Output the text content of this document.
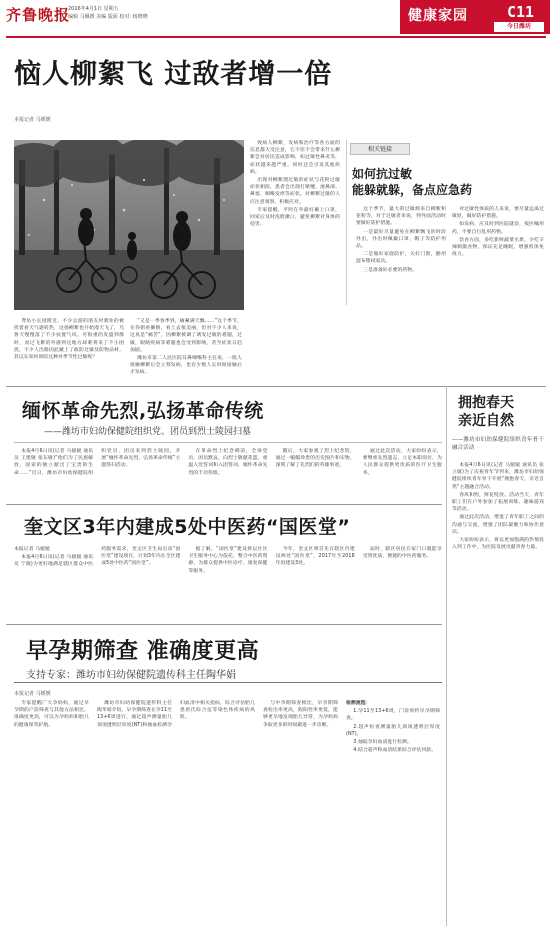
齐鲁晚报
2016年4月1日 星期五
编辑 马佩媛 美编 版面 校对: 杨晓晓	健康家园	C11
今日潍坊
恼人柳絮飞 过敌者增一倍
本报记者 马媛媛

鸢坊小长园附近，不少总游的朋友时骑免的被扰着看天气逐转热，这扬柳絮也开始漫天飞了，乌鲁天慢慢落了不少扶置气风。可很重的发盛到群时，而过飞絮的外感到这地方却难将来了不小困扰，不少人出路因此戴上了敢防过敏及防物品材。甚以东知何预防这种对季节性过敏呢？

“又是一季春季到，痛紧满天飘……”这个季节，在你街看搁嬉，看上去很美丽，但对不少人来说，这真是“痛苦”，因柳絮被调了诱发过敏的难题，过敏，眼睛疾病等难题也会受到影响，甚至症状日趋加剧。

潍坊市第二人民医院耳鼻咽喉科主任说，一般人接触柳絮后会立刻发病，也有少数人长时间接触后才发病。

致病人柳絮，发病和治疗等各方面的信息都大受注意，它不但不会带来什么柳絮会对居民造成影响，如过敏性鼻炎等，症状越来越严重，同时还会引发其他疾病。

出现对柳絮理过敏的症状与花粉过敏症状相似，患者会出现打喷嚏、流鼻涕、鼻塞、咽喉发痒等症状。对柳絮过敏的人应注意观察，积极应对。

专家提醒，平时在外最好戴上口罩，回家后及时洗脸漱口，避免柳絮对身体的侵害。

相关链接
如何抗过敏
能躲就躲，备点应急药

这个季节，最大的过敏源来自柳絮和花粉等，对于过敏者来说，到外面活动时要做好防护措施。

一是最好尽量避免在柳絮飘飞的时段外出，外出时佩戴口罩、帽子等防护用品。

二是做好家庭防护，关好门窗，勤用湿布擦拭家具。

三是准备好必要的药物。

对过敏性体质的人来说，要尽量远离过敏原，做好防护措施。

如发病，应及时到医院就诊，按医嘱用药，不要自行乱用药物。

饮食方面，多吃新鲜蔬菜水果，少吃辛辣刺激食物，保证充足睡眠，增强机体免疫力。

缅怀革命先烈,弘扬革命传统
——潍坊市妇幼保健院组织党、团员到烈士陵园扫墓

本报4月6日讯(记者 马媛媛 通讯员 王建敏 张东敏)“他们为了民族解放、国家的独立献出了宝贵的生命……”近日，潍坊市妇幼保健院组织党员、团员来到烈士陵园，开展“缅怀革命先烈，弘扬革命传统”主题祭扫活动。

在革命烈士纪念碑前，全体党员、团员默哀，向烈士敬献花篮，重温入党誓词和入团誓词，缅怀革命先烈的丰功伟绩。

随后，大家参观了烈士纪念馆，通过一幅幅珍贵的历史图片和实物，深刻了解了先烈们的英雄事迹。

通过此次活动，大家纷纷表示，要继承先烈遗志，立足本职岗位，为人民群众提供更优质的医疗卫生服务。

奎文区3年内建成5处中医药“国医堂”

本报记者 马媛媛

本报4月6日讯(记者 马媛媛 通讯员 宁晓)为更好地满足辖区群众中医药服务需求，奎文区卫生局启动“国医堂”建设项目，计划3年内在全区建成5处中医药“国医堂”。

据了解，“国医堂”建设将以社区卫生服务中心为依托，整合中医药资源，为群众提供中医诊疗、康复保健等服务。

今年，奎文区将首先在辖区内建设两处“国医堂”，2017年至2018年再建设3处。

届时，辖区居民在家门口就能享受到优质、便捷的中医药服务。

早孕期筛查 准确度更高
支持专家：潍坊市妇幼保健院遗传科主任陶华娟
本报记者 马媛媛

专家提醒广大孕妈妈，通过早孕期的产前筛查与其他方法相比，准确度更高，可以为孕妈妈和胎儿的健康保驾护航。

潍坊市妇幼保健院遗传科主任陶华娟介绍，早孕期筛查在孕11至13+6周进行，通过超声测量胎儿颈项透明层厚度(NT)和抽血检测孕妇血清中相关指标，综合评估胎儿患唐氏综合征等染色体疾病的风险。

与中孕期筛查相比，早孕期筛查检出率更高，假阳性率更低，能够更早地发现胎儿异常，为孕妈妈争取更多的时间做进一步诊断。

检测流程：

1.孕11至13+6周，门诊预约早孕期筛查。

2.超声检查测量胎儿颈项透明层厚度(NT)。

3.抽取孕妇血清进行检测。

4.结合超声和血清结果综合评估风险。

拥抱春天
亲近自然
——潍坊市妇幼保健院组织青年骨干融合活动

本报4月6日讯(记者 马媛媛 通讯员 张立敏)为了庆祝青年节到来，潍坊市妇幼保健院组织青年骨干开展“拥抱春天，亲近自然”主题融合活动。

春风和煦，鲜花绽放。活动当天，青年职工们在户外参加了拓展训练、趣味游戏等活动。

通过此次活动，增进了青年职工之间的沟通与交流，增强了团队凝聚力和协作意识。

大家纷纷表示，将以更加饱满的热情投入到工作中，为医院发展贡献青春力量。
